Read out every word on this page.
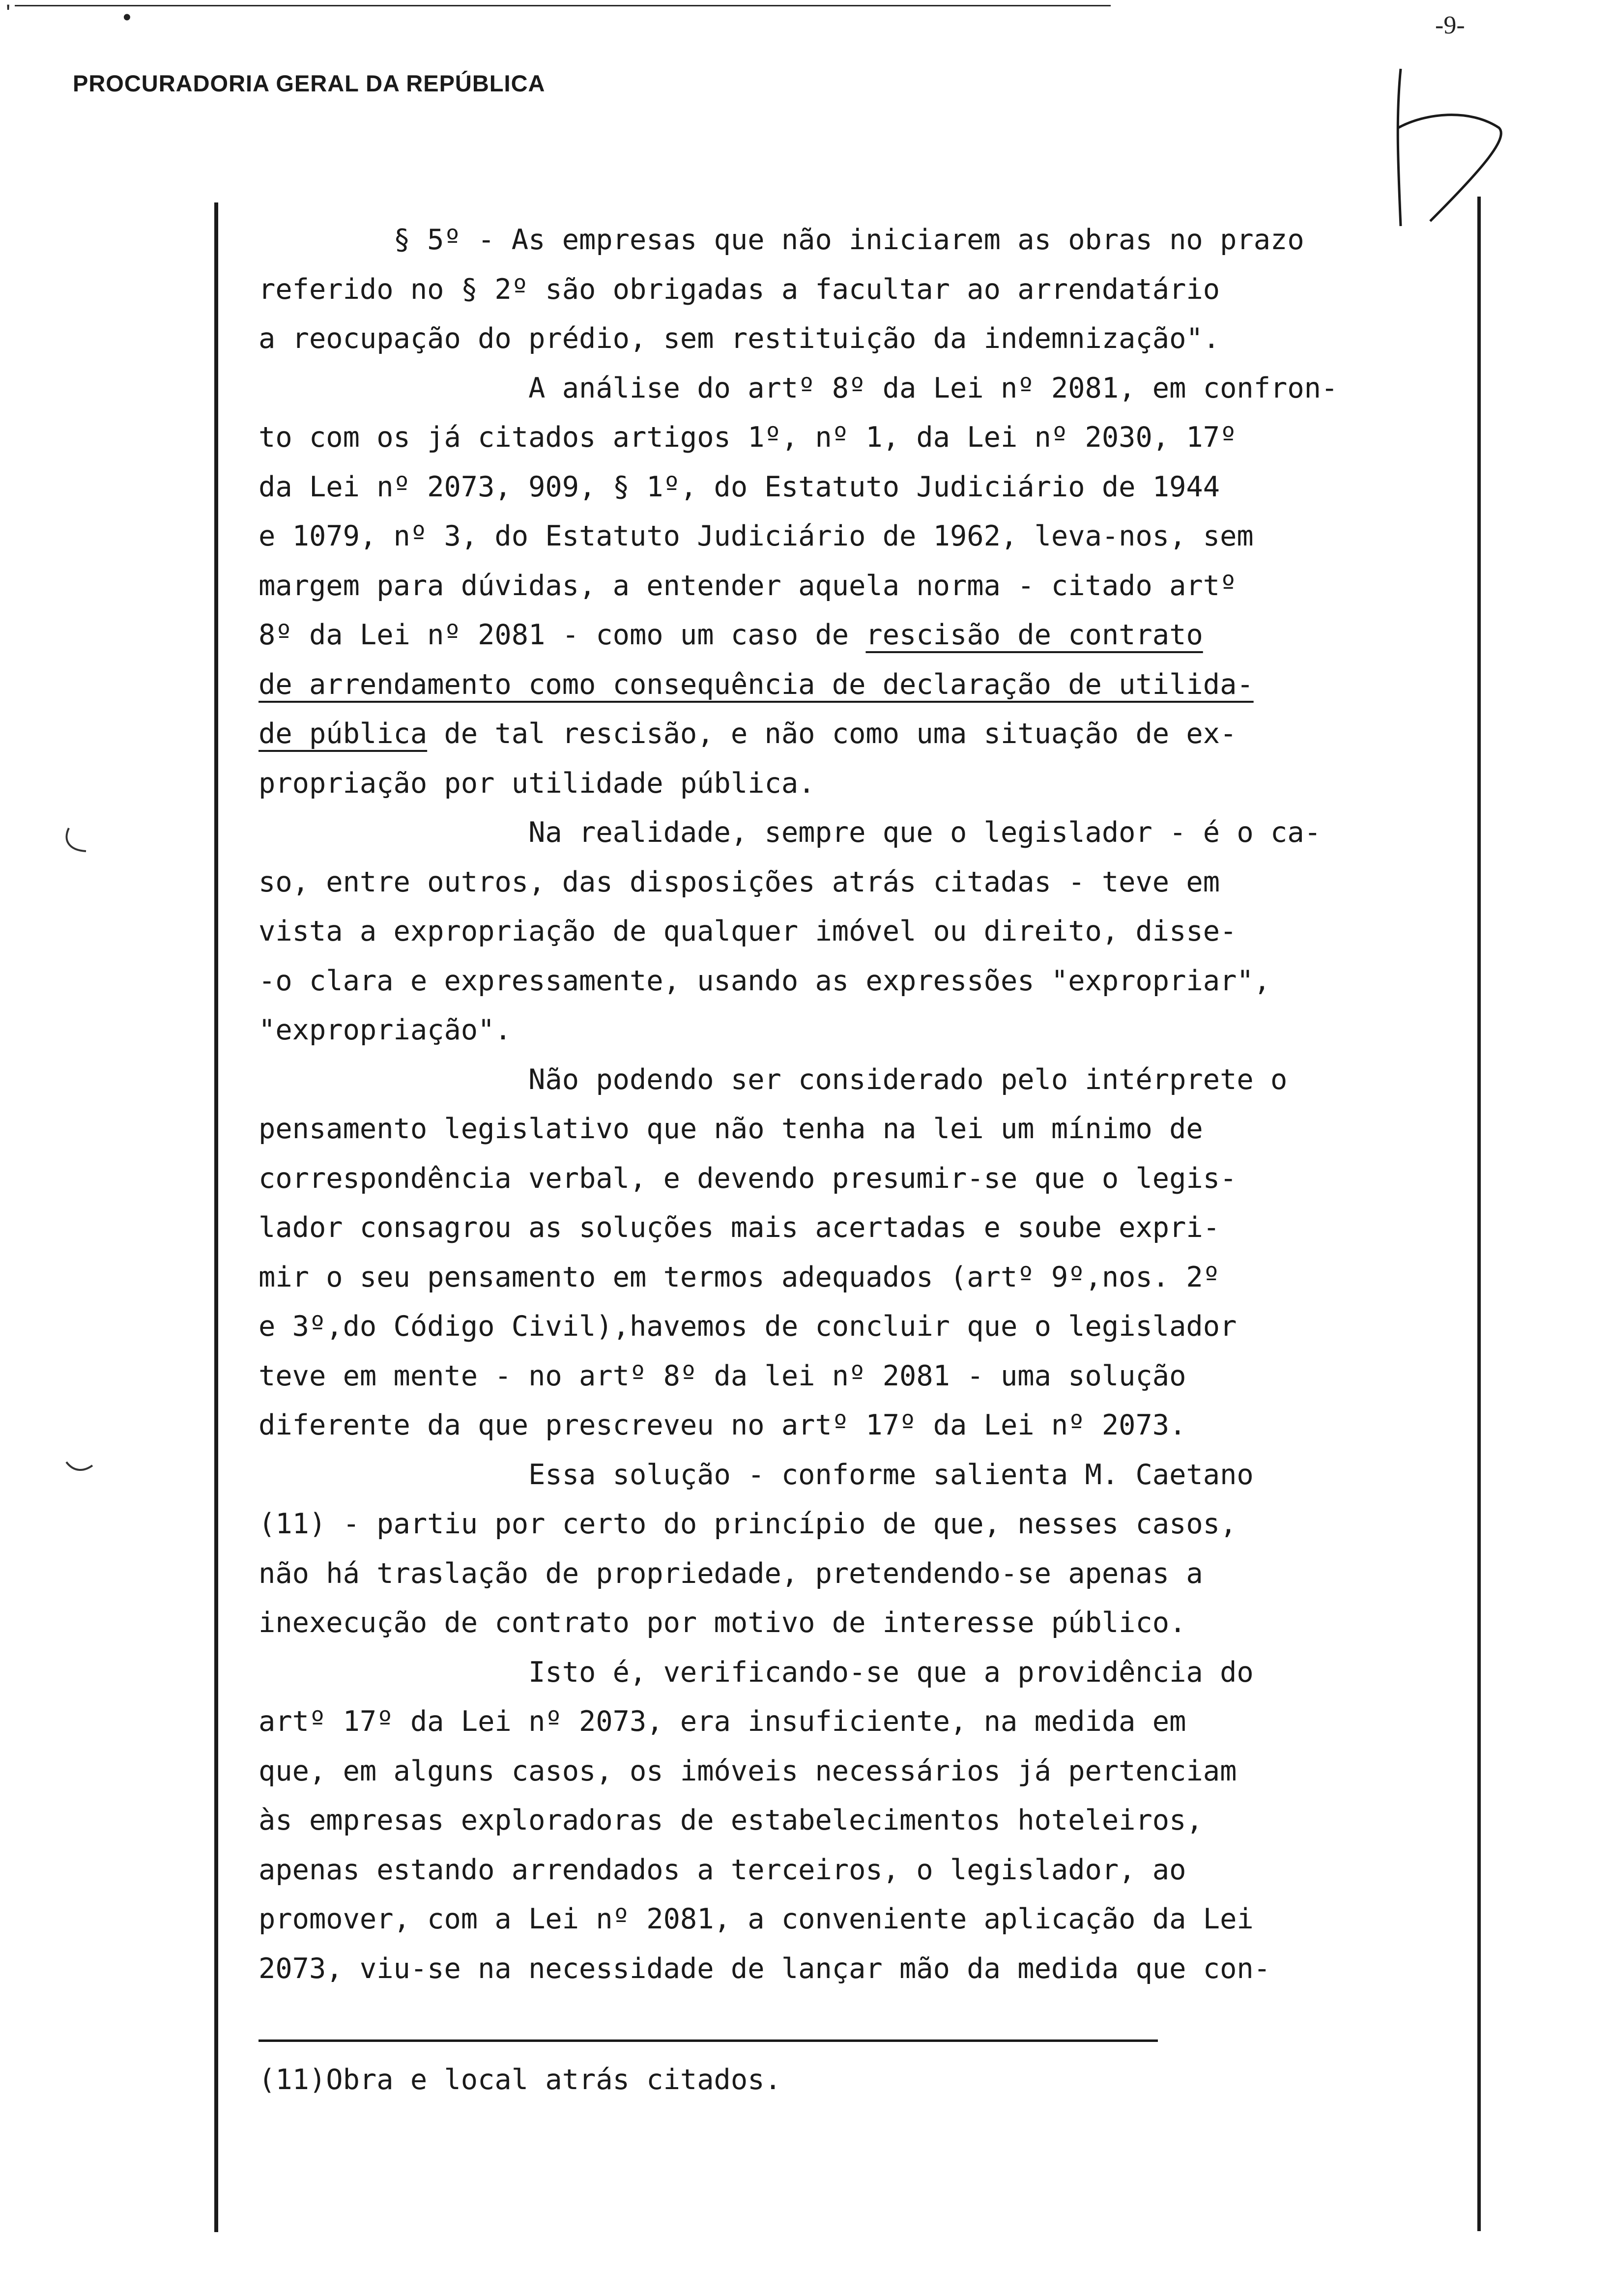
'	•	-9-
PROCURADORIA GERAL DA REPÚBLICA
§ 5º - As empresas que não iniciarem as obras no prazo
referido no § 2º são obrigadas a facultar ao arrendatário
a reocupação do prédio, sem restituição da indemnização".
A análise do artº 8º da Lei nº 2081, em confron-
to com os já citados artigos 1º, nº 1, da Lei nº 2030, 17º
da Lei nº 2073, 909, § 1º, do Estatuto Judiciário de 1944
e 1079, nº 3, do Estatuto Judiciário de 1962, leva-nos, sem
margem para dúvidas, a entender aquela norma - citado artº
8º da Lei nº 2081 - como um caso de rescisão de contrato
de arrendamento como consequência de declaração de utilida-
de pública de tal rescisão, e não como uma situação de ex-
propriação por utilidade pública.
Na realidade, sempre que o legislador - é o ca-
so, entre outros, das disposições atrás citadas - teve em
vista a expropriação de qualquer imóvel ou direito, disse-
-o clara e expressamente, usando as expressões "expropriar",
"expropriação".
Não podendo ser considerado pelo intérprete o
pensamento legislativo que não tenha na lei um mínimo de
correspondência verbal, e devendo presumir-se que o legis-
lador consagrou as soluções mais acertadas e soube expri-
mir o seu pensamento em termos adequados (artº 9º,nos. 2º
e 3º,do Código Civil),havemos de concluir que o legislador
teve em mente - no artº 8º da lei nº 2081 - uma solução
diferente da que prescreveu no artº 17º da Lei nº 2073.
Essa solução - conforme salienta M. Caetano
(11) - partiu por certo do princípio de que, nesses casos,
não há traslação de propriedade, pretendendo-se apenas a
inexecução de contrato por motivo de interesse público.
Isto é, verificando-se que a providência do
artº 17º da Lei nº 2073, era insuficiente, na medida em
que, em alguns casos, os imóveis necessários já pertenciam
às empresas exploradoras de estabelecimentos hoteleiros,
apenas estando arrendados a terceiros, o legislador, ao
promover, com a Lei nº 2081, a conveniente aplicação da Lei
2073, viu-se na necessidade de lançar mão da medida que con-
(11)Obra e local atrás citados.
